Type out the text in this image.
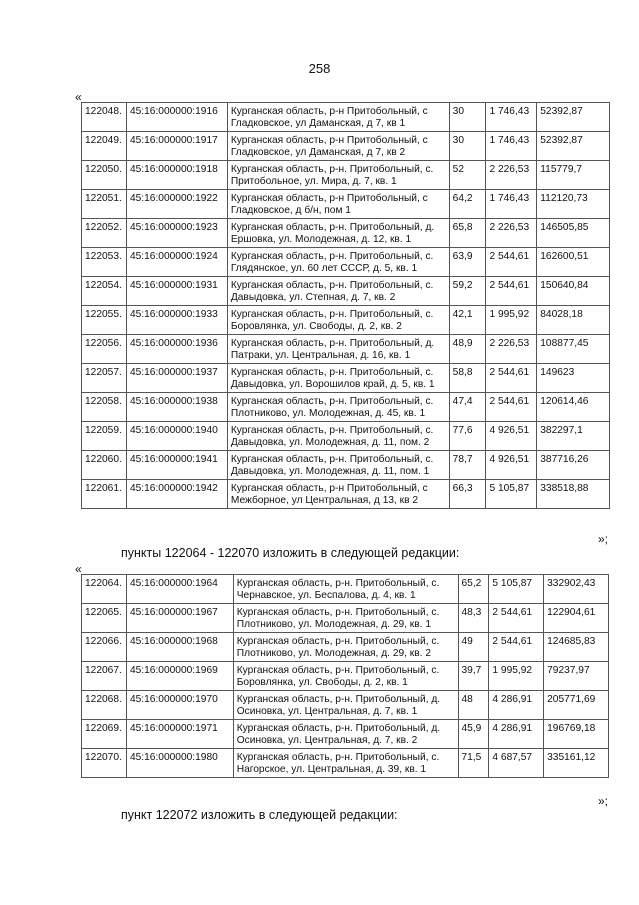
258
«
122048.	45:16:000000:1916	Курганская область, р-н Притобольный, с
Гладковское, ул Даманская, д 7, кв 1	30	1 746,43	52392,87
122049.	45:16:000000:1917	Курганская область, р-н Притобольный, с
Гладковское, ул Даманская, д 7, кв 2	30	1 746,43	52392,87
122050.	45:16:000000:1918	Курганская область, р-н. Притобольный, с.
Притобольное, ул. Мира, д. 7, кв. 1	52	2 226,53	115779,7
122051.	45:16:000000:1922	Курганская область, р-н Притобольный, с
Гладковское, д б/н, пом 1	64,2	1 746,43	112120,73
122052.	45:16:000000:1923	Курганская область, р-н. Притобольный, д.
Ершовка, ул. Молодежная, д. 12, кв. 1	65,8	2 226,53	146505,85
122053.	45:16:000000:1924	Курганская область, р-н. Притобольный, с.
Глядянское, ул. 60 лет СССР, д. 5, кв. 1	63,9	2 544,61	162600,51
122054.	45:16:000000:1931	Курганская область, р-н. Притобольный, с.
Давыдовка, ул. Степная, д. 7, кв. 2	59,2	2 544,61	150640,84
122055.	45:16:000000:1933	Курганская область, р-н. Притобольный, с.
Боровлянка, ул. Свободы, д. 2, кв. 2	42,1	1 995,92	84028,18
122056.	45:16:000000:1936	Курганская область, р-н. Притобольный, д.
Патраки, ул. Центральная, д. 16, кв. 1	48,9	2 226,53	108877,45
122057.	45:16:000000:1937	Курганская область, р-н. Притобольный, с.
Давыдовка, ул. Ворошилов край, д. 5, кв. 1	58,8	2 544,61	149623
122058.	45:16:000000:1938	Курганская область, р-н. Притобольный, с.
Плотниково, ул. Молодежная, д. 45, кв. 1	47,4	2 544,61	120614,46
122059.	45:16:000000:1940	Курганская область, р-н. Притобольный, с.
Давыдовка, ул. Молодежная, д. 11, пом. 2	77,6	4 926,51	382297,1
122060.	45:16:000000:1941	Курганская область, р-н. Притобольный, с.
Давыдовка, ул. Молодежная, д. 11, пом. 1	78,7	4 926,51	387716,26
122061.	45:16:000000:1942	Курганская область, р-н Притобольный, с
Межборное, ул Центральная, д 13, кв 2	66,3	5 105,87	338518,88
»;
пункты 122064 - 122070 изложить в следующей редакции:
«
122064.	45:16:000000:1964	Курганская область, р-н. Притобольный, с.
Чернавское, ул. Беспалова, д. 4, кв. 1	65,2	5 105,87	332902,43
122065.	45:16:000000:1967	Курганская область, р-н. Притобольный, с.
Плотниково, ул. Молодежная, д. 29, кв. 1	48,3	2 544,61	122904,61
122066.	45:16:000000:1968	Курганская область, р-н. Притобольный, с.
Плотниково, ул. Молодежная, д. 29, кв. 2	49	2 544,61	124685,83
122067.	45:16:000000:1969	Курганская область, р-н. Притобольный, с.
Боровлянка, ул. Свободы, д. 2, кв. 1	39,7	1 995,92	79237,97
122068.	45:16:000000:1970	Курганская область, р-н. Притобольный, д.
Осиновка, ул. Центральная, д. 7, кв. 1	48	4 286,91	205771,69
122069.	45:16:000000:1971	Курганская область, р-н. Притобольный, д.
Осиновка, ул. Центральная, д. 7, кв. 2	45,9	4 286,91	196769,18
122070.	45:16:000000:1980	Курганская область, р-н. Притобольный, с.
Нагорское, ул. Центральная, д. 39, кв. 1	71,5	4 687,57	335161,12
»;
пункт 122072 изложить в следующей редакции:
